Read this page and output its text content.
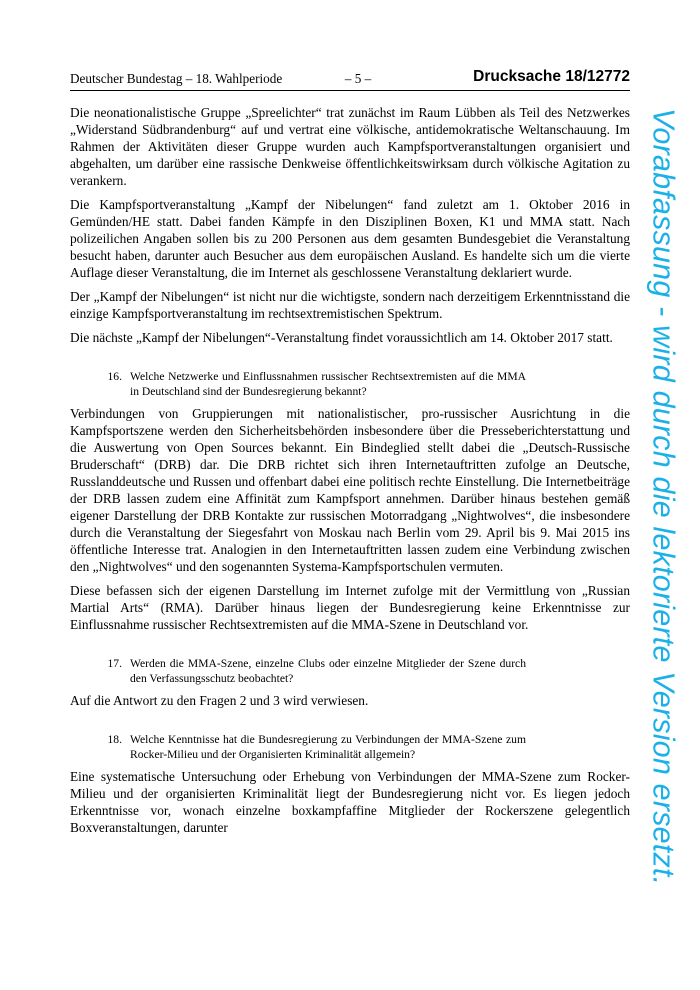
Deutscher Bundestag – 18. Wahlperiode	– 5 –	Drucksache 18/12772

Die neonationalistische Gruppe „Spreelichter“ trat zunächst im Raum Lübben als Teil des Netzwerkes „Widerstand Südbrandenburg“ auf und vertrat eine völkische, antidemokratische Weltanschauung. Im Rahmen der Aktivitäten dieser Gruppe wurden auch Kampfsportveranstaltungen organisiert und abgehalten, um darüber eine rassische Denkweise öffentlichkeitswirksam durch völkische Agitation zu verankern.

Die Kampfsportveranstaltung „Kampf der Nibelungen“ fand zuletzt am 1. Oktober 2016 in Gemünden/HE statt. Dabei fanden Kämpfe in den Disziplinen Boxen, K1 und MMA statt. Nach polizeilichen Angaben sollen bis zu 200 Personen aus dem gesamten Bundesgebiet die Veranstaltung besucht haben, darunter auch Besucher aus dem europäischen Ausland. Es handelte sich um die vierte Auflage dieser Veranstaltung, die im Internet als geschlossene Veranstaltung deklariert wurde.

Der „Kampf der Nibelungen“ ist nicht nur die wichtigste, sondern nach derzeitigem Erkenntnisstand die einzige Kampfsportveranstaltung im rechtsextremistischen Spektrum.

Die nächste „Kampf der Nibelungen“-Veranstaltung findet voraussichtlich am 14. Oktober 2017 statt.

16. Welche Netzwerke und Einflussnahmen russischer Rechtsextremisten auf die MMA in Deutschland sind der Bundesregierung bekannt?

Verbindungen von Gruppierungen mit nationalistischer, pro-russischer Ausrichtung in die Kampfsportszene werden den Sicherheitsbehörden insbesondere über die Presseberichterstattung und die Auswertung von Open Sources bekannt. Ein Bindeglied stellt dabei die „Deutsch-Russische Bruderschaft“ (DRB) dar. Die DRB richtet sich ihren Internetauftritten zufolge an Deutsche, Russlanddeutsche und Russen und offenbart dabei eine politisch rechte Einstellung. Die Internetbeiträge der DRB lassen zudem eine Affinität zum Kampfsport annehmen. Darüber hinaus bestehen gemäß eigener Darstellung der DRB Kontakte zur russischen Motorradgang „Nightwolves“, die insbesondere durch die Veranstaltung der Siegesfahrt von Moskau nach Berlin vom 29. April bis 9. Mai 2015 ins öffentliche Interesse trat. Analogien in den Internetauftritten lassen zudem eine Verbindung zwischen den „Nightwolves“ und den sogenannten Systema-Kampfsportschulen vermuten.

Diese befassen sich der eigenen Darstellung im Internet zufolge mit der Vermittlung von „Russian Martial Arts“ (RMA). Darüber hinaus liegen der Bundesregierung keine Erkenntnisse zur Einflussnahme russischer Rechtsextremisten auf die MMA-Szene in Deutschland vor.

17. Werden die MMA-Szene, einzelne Clubs oder einzelne Mitglieder der Szene durch den Verfassungsschutz beobachtet?

Auf die Antwort zu den Fragen 2 und 3 wird verwiesen.

18. Welche Kenntnisse hat die Bundesregierung zu Verbindungen der MMA-Szene zum Rocker-Milieu und der Organisierten Kriminalität allgemein?

Eine systematische Untersuchung oder Erhebung von Verbindungen der MMA-Szene zum Rocker-Milieu und der organisierten Kriminalität liegt der Bundesregierung nicht vor. Es liegen jedoch Erkenntnisse vor, wonach einzelne boxkampfaffine Mitglieder der Rockerszene gelegentlich Boxveranstaltungen, darunter	Vorabfassung - wird durch die lektorierte Version ersetzt.
